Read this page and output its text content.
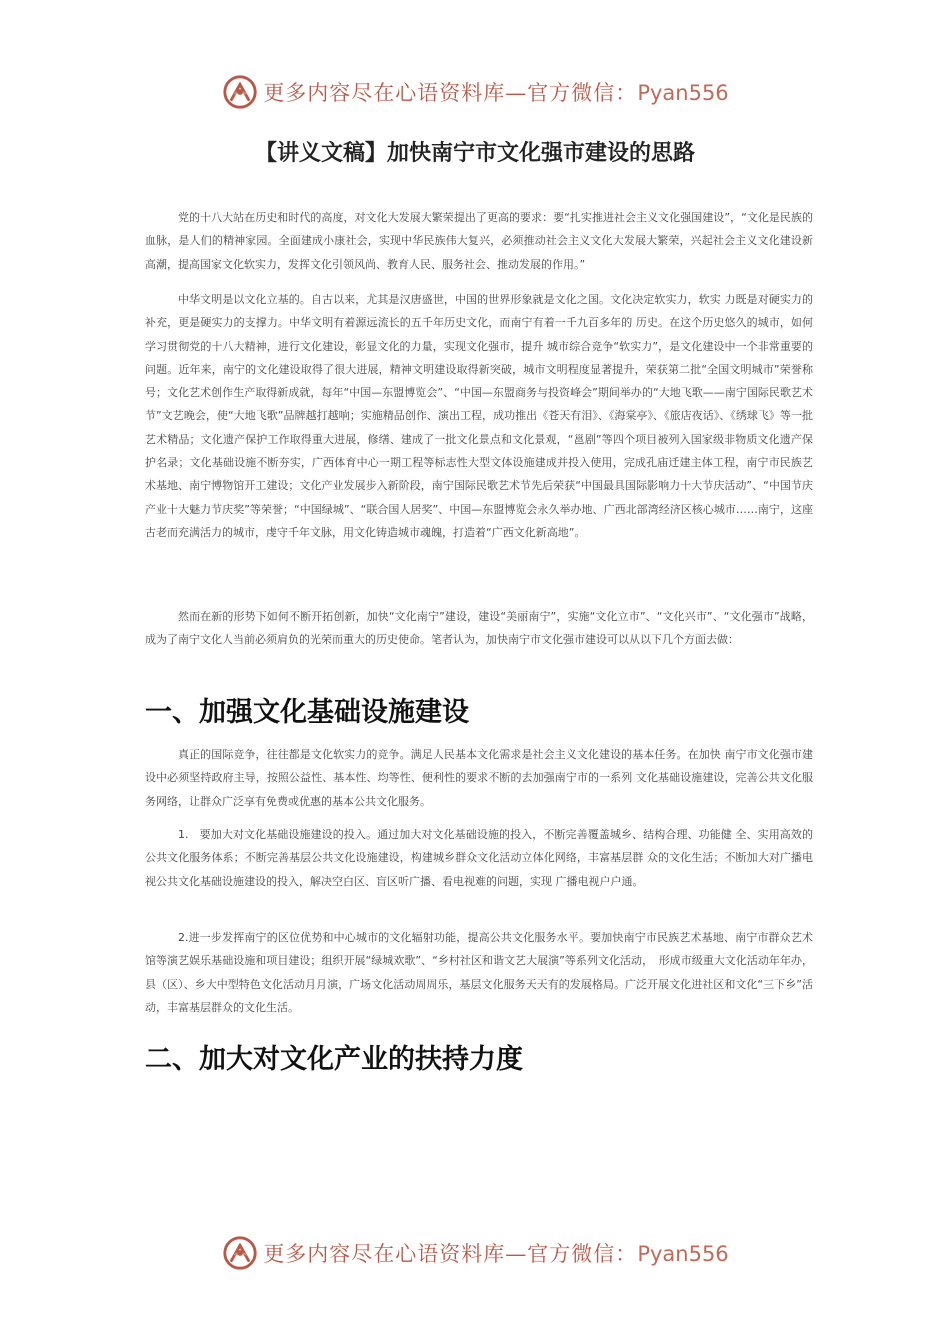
更多内容尽在心语资料库—官方微信：Pyan556
【讲义文稿】加快南宁市文化强市建设的思路

党的十八大站在历史和时代的高度，对文化大发展大繁荣提出了更高的要求：要“扎实推进社会主义文化强国建设”，“文化是民族的血脉，是人们的精神家园。全面建成小康社会，实现中华民族伟大复兴，必须推动社会主义文化大发展大繁荣，兴起社会主义文化建设新高潮，提高国家文化软实力，发挥文化引领风尚、教育人民、服务社会、推动发展的作用。”

中华文明是以文化立基的。自古以来，尤其是汉唐盛世，中国的世界形象就是文化之国。文化决定软实力，软实 力既是对硬实力的补充，更是硬实力的支撑力。中华文明有着源远流长的五千年历史文化，而南宁有着一千九百多年的 历史。在这个历史悠久的城市，如何学习贯彻党的十八大精神，进行文化建设，彰显文化的力量，实现文化强市，提升 城市综合竞争“软实力”，是文化建设中一个非常重要的问题。近年来，南宁的文化建设取得了很大进展，精神文明建设取得新突破，城市文明程度显著提升，荣获第二批“全国文明城市”荣誉称号；文化艺术创作生产取得新成就，每年“中国—东盟博览会”、“中国—东盟商务与投资峰会”期间举办的“大地飞歌——南宁国际民歌艺术节”文艺晚会，使“大地飞歌”品牌越打越响；实施精品创作、演出工程，成功推出《苍天有泪》、《海棠亭》、《旅店夜话》、《绣球飞》等一批艺术精品；文化遗产保护工作取得重大进展，修缮、建成了一批文化景点和文化景观，“邕剧”等四个项目被列入国家级非物质文化遗产保护名录；文化基础设施不断夯实，广西体育中心一期工程等标志性大型文体设施建成并投入使用，完成孔庙迁建主体工程，南宁市民族艺术基地、南宁博物馆开工建设；文化产业发展步入新阶段，南宁国际民歌艺术节先后荣获“中国最具国际影响力十大节庆活动”、“中国节庆产业十大魅力节庆奖”等荣誉；“中国绿城”、“联合国人居奖”、中国—东盟博览会永久举办地、广西北部湾经济区核心城市……南宁，这座古老而充满活力的城市，虔守千年文脉，用文化铸造城市魂魄，打造着“广西文化新高地”。

然而在新的形势下如何不断开拓创新，加快“文化南宁”建设，建设“美丽南宁”，实施“文化立市”、“文化兴市”、“文化强市”战略，成为了南宁文化人当前必须肩负的光荣而重大的历史使命。笔者认为，加快南宁市文化强市建设可以从以下几个方面去做：

一、加强文化基础设施建设

真正的国际竞争，往往都是文化软实力的竞争。满足人民基本文化需求是社会主义文化建设的基本任务。在加快 南宁市文化强市建设中必须坚持政府主导，按照公益性、基本性、均等性、便利性的要求不断的去加强南宁市的一系列 文化基础设施建设，完善公共文化服务网络，让群众广泛享有免费或优惠的基本公共文化服务。

1.　要加大对文化基础设施建设的投入。通过加大对文化基础设施的投入，不断完善覆盖城乡、结构合理、功能健 全、实用高效的公共文化服务体系；不断完善基层公共文化设施建设，构建城乡群众文化活动立体化网络，丰富基层群 众的文化生活；不断加大对广播电视公共文化基础设施建设的投入，解决空白区、盲区听广播、看电视难的问题，实现 广播电视户户通。

2.进一步发挥南宁的区位优势和中心城市的文化辐射功能，提高公共文化服务水平。要加快南宁市民族艺术基地、南宁市群众艺术馆等演艺娱乐基础设施和项目建设；组织开展“绿城欢歌”、“乡村社区和谐文艺大展演”等系列文化活动，　形成市级重大文化活动年年办，县（区）、乡大中型特色文化活动月月演，广场文化活动周周乐，基层文化服务天天有的发展格局。广泛开展文化进社区和文化“三下乡”活动，丰富基层群众的文化生活。

二、加大对文化产业的扶持力度
更多内容尽在心语资料库—官方微信：Pyan556
